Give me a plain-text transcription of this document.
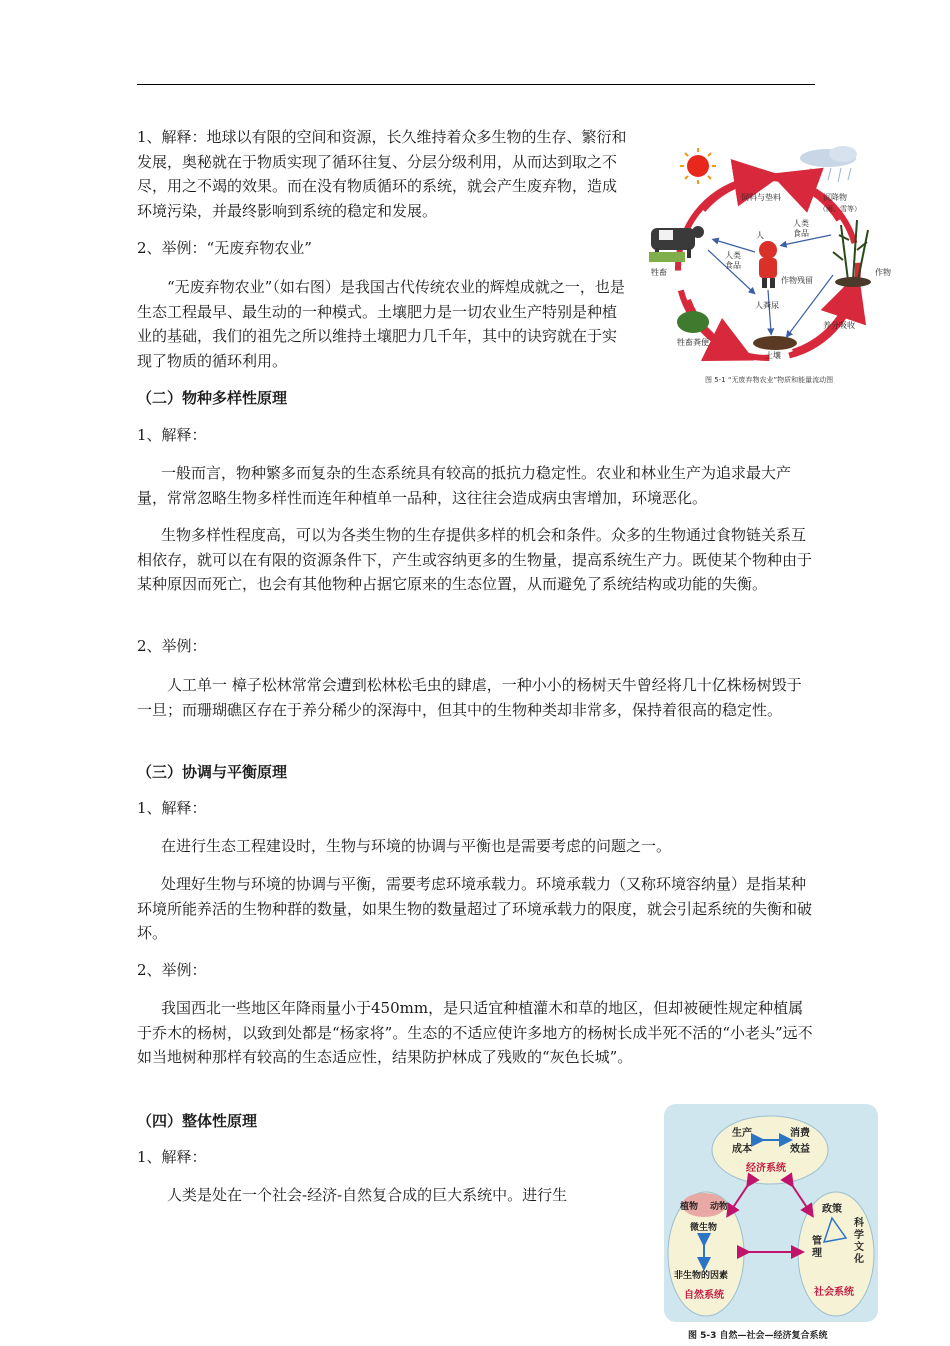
1、解释：地球以有限的空间和资源，长久维持着众多生物的生存、繁衍和发展，奥秘就在于物质实现了循环往复、分层分级利用，从而达到取之不尽，用之不竭的效果。而在没有物质循环的系统，就会产生废弃物，造成环境污染，并最终影响到系统的稳定和发展。

2、举例：“无废弃物农业”

“无废弃物农业”（如右图）是我国古代传统农业的辉煌成就之一，也是生态工程最早、最生动的一种模式。土壤肥力是一切农业生产特别是种植业的基础，我们的祖先之所以维持土壤肥力几千年，其中的诀窍就在于实现了物质的循环利用。

饲料与垫料	沉降物
（雨、雪等）
人类
食品
人
人类
食品
牲畜	作物
作物残留
人粪尿
养分吸收
牲畜粪便
土壤
图 5-1 “无废弃物农业”物质和能量流动图

（二）物种多样性原理

1、解释：

一般而言，物种繁多而复杂的生态系统具有较高的抵抗力稳定性。农业和林业生产为追求最大产量，常常忽略生物多样性而连年种植单一品种，这往往会造成病虫害增加，环境恶化。

生物多样性程度高，可以为各类生物的生存提供多样的机会和条件。众多的生物通过食物链关系互相依存，就可以在有限的资源条件下，产生或容纳更多的生物量，提高系统生产力。既使某个物种由于某种原因而死亡，也会有其他物种占据它原来的生态位置，从而避免了系统结构或功能的失衡。

2、举例：

人工单一 樟子松林常常会遭到松林松毛虫的肆虐，一种小小的杨树天牛曾经将几十亿株杨树毁于一旦；而珊瑚礁区存在于养分稀少的深海中，但其中的生物种类却非常多，保持着很高的稳定性。

（三）协调与平衡原理

1、解释：

在进行生态工程建设时，生物与环境的协调与平衡也是需要考虑的问题之一。

处理好生物与环境的协调与平衡，需要考虑环境承载力。环境承载力（又称环境容纳量）是指某种环境所能养活的生物种群的数量，如果生物的数量超过了环境承载力的限度，就会引起系统的失衡和破坏。

2、举例：

我国西北一些地区年降雨量小于450mm，是只适宜种植灌木和草的地区，但却被硬性规定种植属于乔木的杨树，以致到处都是“杨家将”。生态的不适应使许多地方的杨树长成半死不活的“小老头”远不如当地树种那样有较高的生态适应性，结果防护林成了残败的“灰色长城”。

（四）整体性原理

1、解释：

人类是处在一个社会-经济-自然复合成的巨大系统中。进行生

生产
成本
消费
效益
经济系统
植物 动物
微生物
非生物的因素
自然系统
政策
科
学
文
化
管
理
社会系统
图 5-3 自然—社会—经济复合系统
